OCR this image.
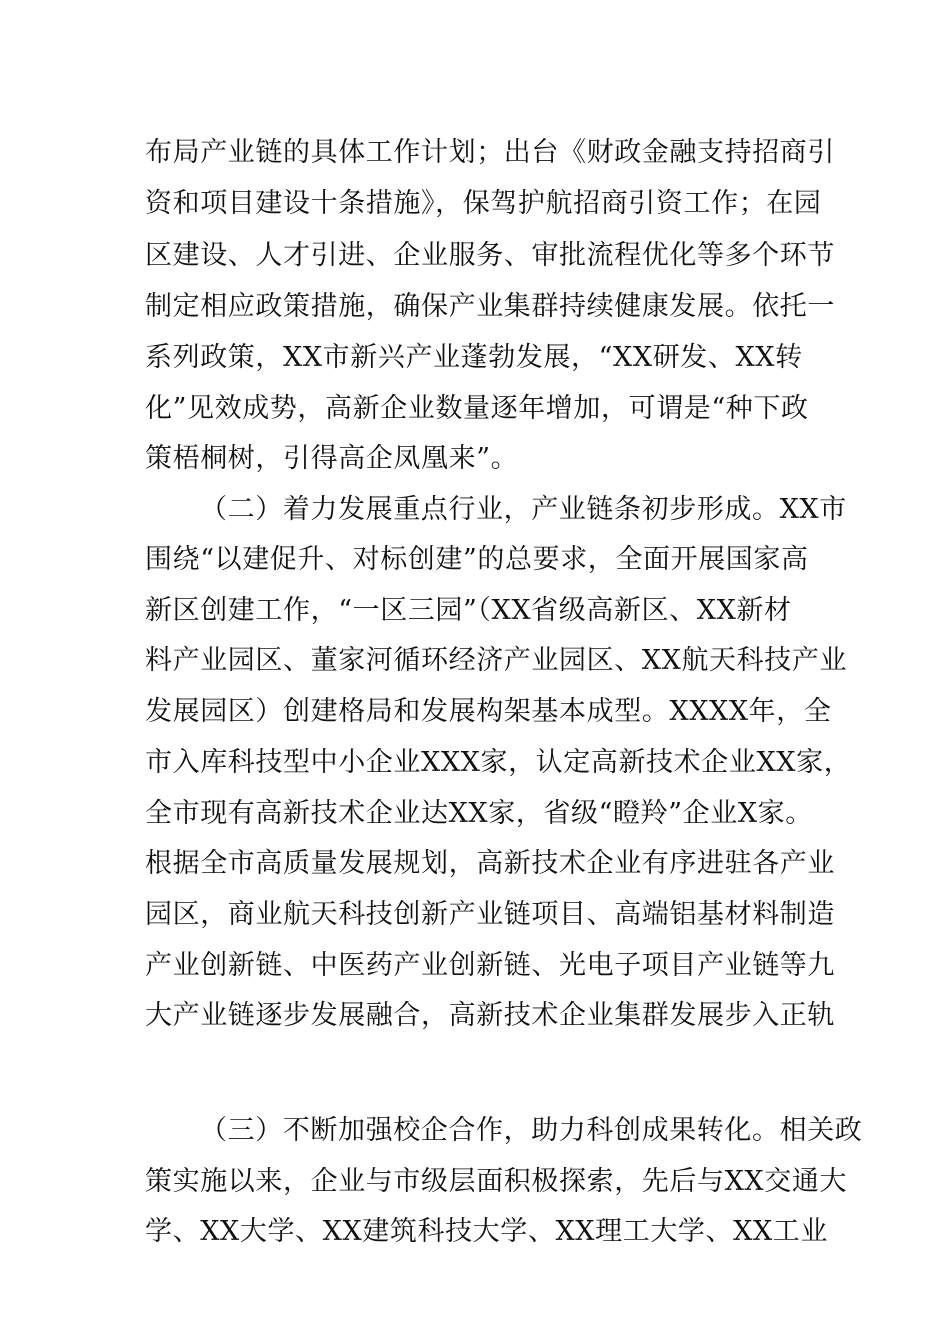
布局产业链的具体工作计划；出台《财政金融支持招商引
资和项目建设十条措施》，保驾护航招商引资工作；在园
区建设、人才引进、企业服务、审批流程优化等多个环节
制定相应政策措施，确保产业集群持续健康发展。依托一
系列政策，XX市新兴产业蓬勃发展，“XX研发、XX转
化”见效成势，高新企业数量逐年增加，可谓是“种下政
策梧桐树，引得高企凤凰来”。
（二）着力发展重点行业，产业链条初步形成。XX市
围绕“以建促升、对标创建”的总要求，全面开展国家高
新区创建工作，“一区三园”（XX省级高新区、XX新材
料产业园区、董家河循环经济产业园区、XX航天科技产业
发展园区）创建格局和发展构架基本成型。XXXX年，全
市入库科技型中小企业XXX家，认定高新技术企业XX家，
全市现有高新技术企业达XX家，省级“瞪羚”企业X家。
根据全市高质量发展规划，高新技术企业有序进驻各产业
园区，商业航天科技创新产业链项目、高端铝基材料制造
产业创新链、中医药产业创新链、光电子项目产业链等九
大产业链逐步发展融合，高新技术企业集群发展步入正轨
（三）不断加强校企合作，助力科创成果转化。相关政
策实施以来，企业与市级层面积极探索，先后与XX交通大
学、XX大学、XX建筑科技大学、XX理工大学、XX工业
